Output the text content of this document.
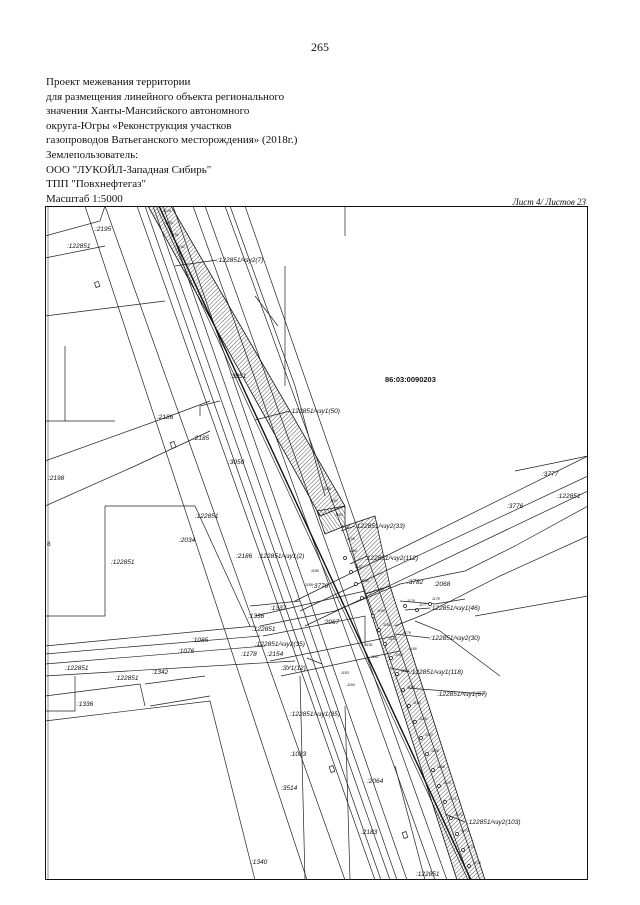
265
Проект межевания территории
для размещения линейного объекта регионального
значения Ханты-Мансийского автономного
округа-Югры «Реконструкция участков
газопроводов Ватьеганского месторождения» (2018г.)
Землепользователь:
ООО "ЛУКОЙЛ-Западная Сибирь"
ТПП "Повхнефтегаз"
Масштаб 1:5000	Лист 4/ Листов 23
86:03:0090203
:2195
:122851
:122851/чзу2(7)
:3051
:122851/чзу1(50)
:2186
:2185
:3050
:2198
:3777
:122851
:3776
:122851/чзу2(33)
:122851
:2034
:122851
:2186 :122851/чзу1(2)	:122851/чзу2(112)
:3778
:3782 :2068
:122851/чзу1(46)
:1336
:1337
:2067
:122851
:122851/чзу2(30)
:1085
:122851/чзу2(35)
:1076	:1178 :2154
:ЗУ1(12)
:122851/чзу1(118)
:122851
:122851
:1342
:122851/чзу1(67)
:1336
:122851/чзу1(35)
:1083
:3514
:2064
:2183
:122851/чзу2(103)
:1340
:122851
8
1149
1150
1151
1152
1153
1154
1155
1156
1157
1158
1159
1160
1161
1162
1163
1164
1165
1166
1167
1168
1169
1170
1171
1172
1173
1174
1175
1176
1177
1178
1179
1180
1181
1182
1183
1184
1185
1186
1187
1188
